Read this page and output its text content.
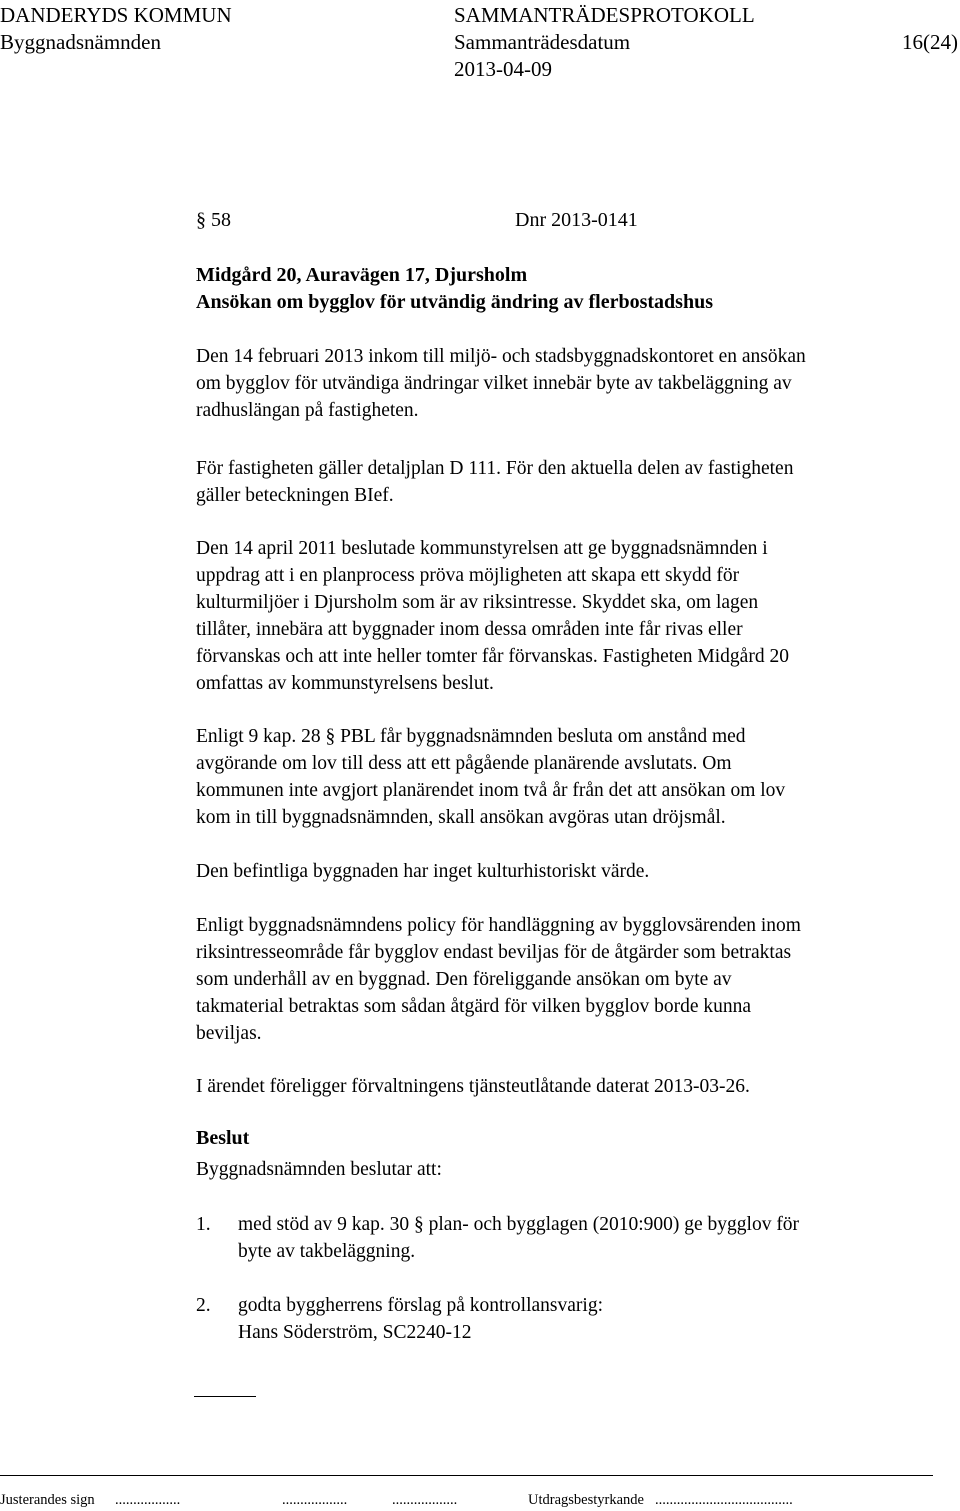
DANDERYDS KOMMUN	SAMMANTRÄDESPROTOKOLL
Byggnadsnämnden	Sammanträdesdatum	16(24)
2013-04-09
§ 58	Dnr 2013-0141
Midgård 20, Auravägen 17, Djursholm
Ansökan om bygglov för utvändig ändring av flerbostadshus
Den 14 februari 2013 inkom till miljö- och stadsbyggnadskontoret en ansökan
om bygglov för utvändiga ändringar vilket innebär byte av takbeläggning av
radhuslängan på fastigheten.
För fastigheten gäller detaljplan D 111. För den aktuella delen av fastigheten
gäller beteckningen BIef.
Den 14 april 2011 beslutade kommunstyrelsen att ge byggnadsnämnden i
uppdrag att i en planprocess pröva möjligheten att skapa ett skydd för
kulturmiljöer i Djursholm som är av riksintresse. Skyddet ska, om lagen
tillåter, innebära att byggnader inom dessa områden inte får rivas eller
förvanskas och att inte heller tomter får förvanskas. Fastigheten Midgård 20
omfattas av kommunstyrelsens beslut.
Enligt 9 kap. 28 § PBL får byggnadsnämnden besluta om anstånd med
avgörande om lov till dess att ett pågående planärende avslutats. Om
kommunen inte avgjort planärendet inom två år från det att ansökan om lov
kom in till byggnadsnämnden, skall ansökan avgöras utan dröjsmål.
Den befintliga byggnaden har inget kulturhistoriskt värde.
Enligt byggnadsnämndens policy för handläggning av bygglovsärenden inom
riksintresseområde får bygglov endast beviljas för de åtgärder som betraktas
som underhåll av en byggnad. Den föreliggande ansökan om byte av
takmaterial betraktas som sådan åtgärd för vilken bygglov borde kunna
beviljas.
I ärendet föreligger förvaltningens tjänsteutlåtande daterat 2013-03-26.
Beslut
Byggnadsnämnden beslutar att:
1. med stöd av 9 kap. 30 § plan- och bygglagen (2010:900) ge bygglov för
byte av takbeläggning.
2. godta byggherrens förslag på kontrollansvarig:
Hans Söderström, SC2240-12
Justerandes sign ..................	..................	..................	Utdragsbestyrkande ......................................
